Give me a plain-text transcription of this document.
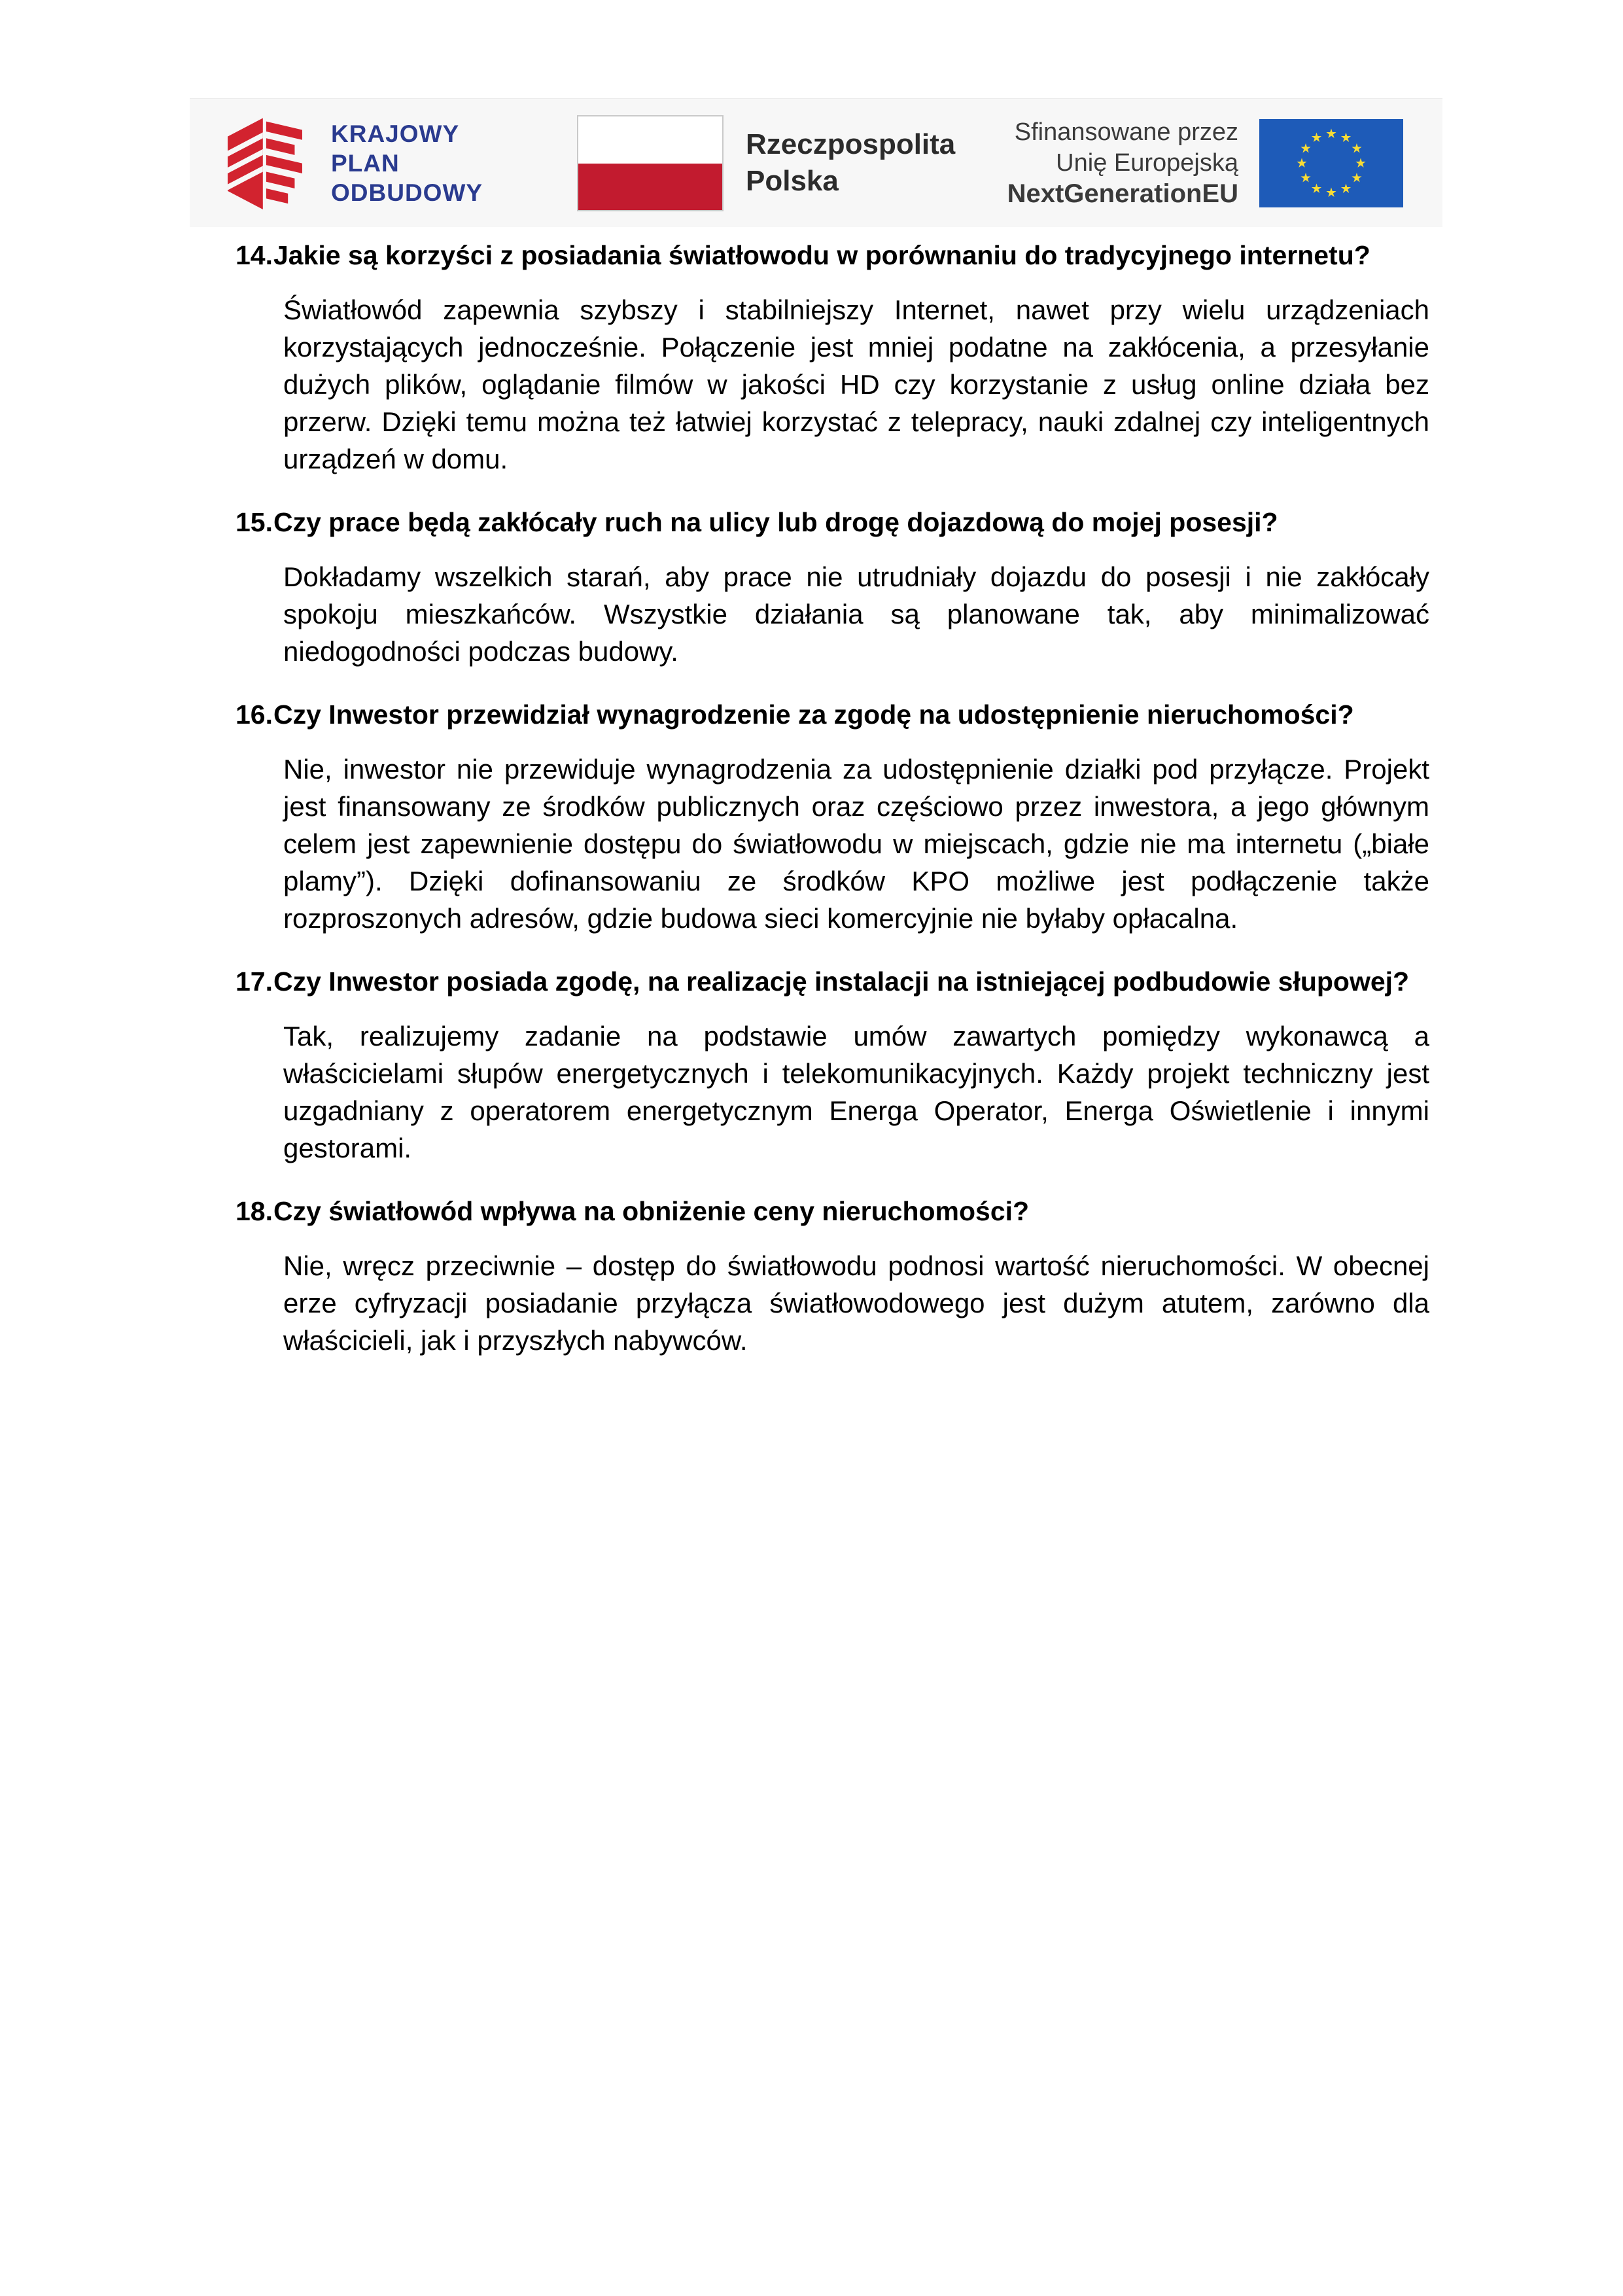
KRAJOWY
PLAN
ODBUDOWY
Rzeczpospolita
Polska
Sfinansowane przez
Unię Europejską
NextGenerationEU
14. Jakie są korzyści z posiadania światłowodu w porównaniu do tradycyjnego internetu?

Światłowód zapewnia szybszy i stabilniejszy Internet, nawet przy wielu urządzeniach korzystających jednocześnie. Połączenie jest mniej podatne na zakłócenia, a przesyłanie dużych plików, oglądanie filmów w jakości HD czy korzystanie z usług online działa bez przerw. Dzięki temu można też łatwiej korzystać z telepracy, nauki zdalnej czy inteligentnych urządzeń w domu.

15. Czy prace będą zakłócały ruch na ulicy lub drogę dojazdową do mojej posesji?

Dokładamy wszelkich starań, aby prace nie utrudniały dojazdu do posesji i nie zakłócały spokoju mieszkańców. Wszystkie działania są planowane tak, aby minimalizować niedogodności podczas budowy.

16. Czy Inwestor przewidział wynagrodzenie za zgodę na udostępnienie nieruchomości?

Nie, inwestor nie przewiduje wynagrodzenia za udostępnienie działki pod przyłącze. Projekt jest finansowany ze środków publicznych oraz częściowo przez inwestora, a jego głównym celem jest zapewnienie dostępu do światłowodu w miejscach, gdzie nie ma internetu („białe plamy”). Dzięki dofinansowaniu ze środków KPO możliwe jest podłączenie także rozproszonych adresów, gdzie budowa sieci komercyjnie nie byłaby opłacalna.

17. Czy Inwestor posiada zgodę, na realizację instalacji na istniejącej podbudowie słupowej?

Tak, realizujemy zadanie na podstawie umów zawartych pomiędzy wykonawcą a właścicielami słupów energetycznych i telekomunikacyjnych. Każdy projekt techniczny jest uzgadniany z operatorem energetycznym Energa Operator, Energa Oświetlenie i innymi gestorami.

18. Czy światłowód wpływa na obniżenie ceny nieruchomości?

Nie, wręcz przeciwnie – dostęp do światłowodu podnosi wartość nieruchomości. W obecnej erze cyfryzacji posiadanie przyłącza światłowodowego jest dużym atutem, zarówno dla właścicieli, jak i przyszłych nabywców.
